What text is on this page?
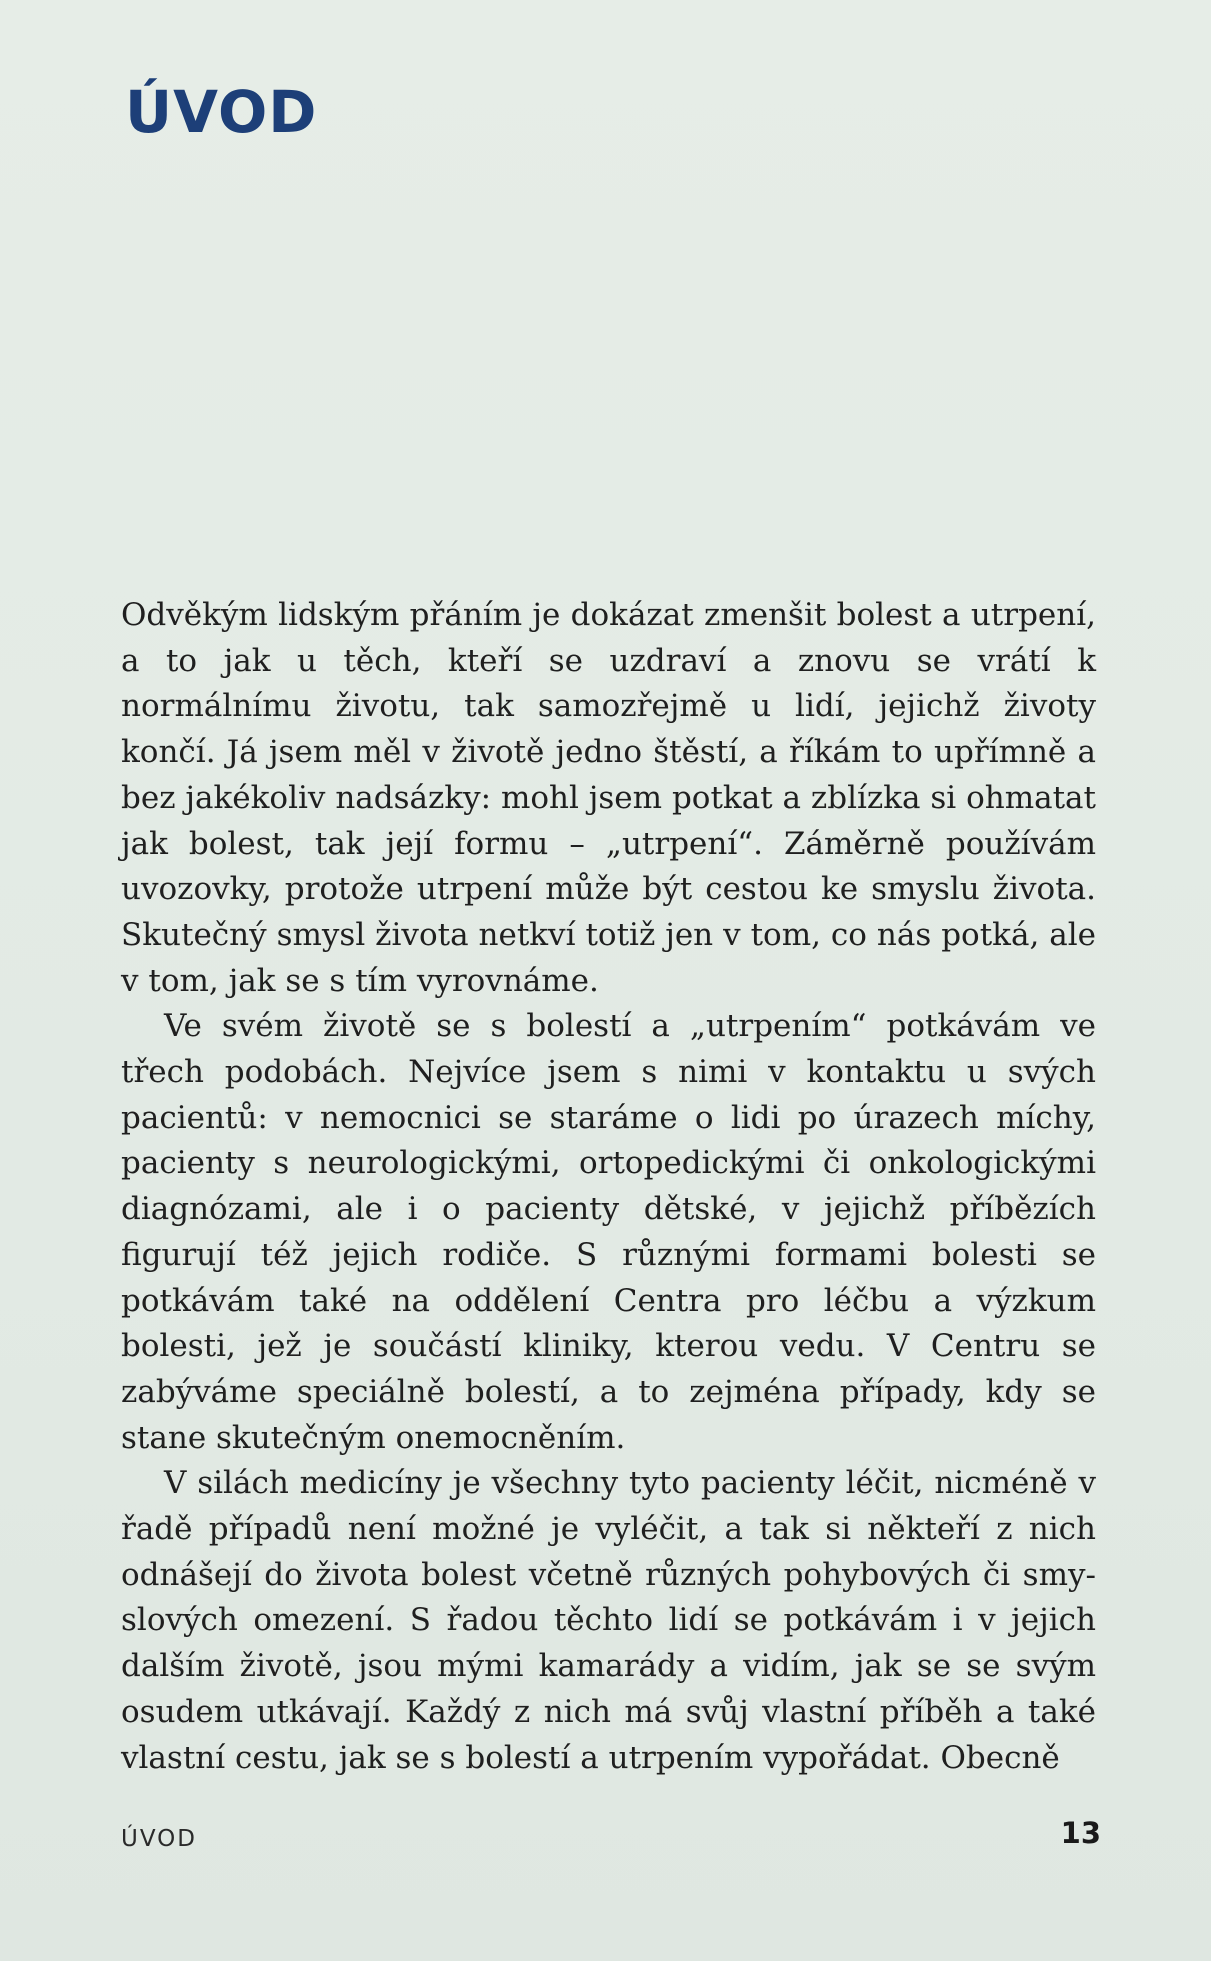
ÚVOD

Odvěkým lidským přáním je dokázat zmenšit bolest a utrpení, a to jak u těch, kteří se uzdraví a znovu se vrátí k normálnímu životu, tak samozřejmě u lidí, jejichž životy končí. Já jsem měl v životě jedno štěstí, a říkám to upřímně a bez jakékoliv nadsázky: mohl jsem potkat a zblízka si ohmatat jak bolest, tak její formu – „utrpení“. Záměrně používám uvozovky, protože utrpení může být cestou ke smyslu života. Skutečný smysl života netkví totiž jen v tom, co nás potká, ale v tom, jak se s tím vyrovnáme.

Ve svém životě se s bolestí a „utrpením“ potkávám ve třech podobách. Nejvíce jsem s nimi v kontaktu u svých pacientů: v nemocnici se staráme o lidi po úrazech míchy, pacienty s neurologickými, ortopedickými či onkologickými diagnózami, ale i o pacienty dětské, v jejichž příbězích figurují též jejich rodiče. S různými formami bolesti se potkávám také na oddělení Centra pro léčbu a výzkum bolesti, jež je součástí kliniky, kterou vedu. V Centru se zabýváme speciálně bolestí, a to zejména případy, kdy se stane skutečným onemocněním.

V silách medicíny je všechny tyto pacienty léčit, nicméně v řadě případů není možné je vyléčit, a tak si někteří z nich odnášejí do života bolest včetně různých pohybových či smyslových omezení. S řadou těchto lidí se potkávám i v jejich dalším životě, jsou mými kamarády a vidím, jak se se svým osudem utkávají. Každý z nich má svůj vlastní příběh a také vlastní cestu, jak se s bolestí a utrpením vypořádat. Obecně

ÚVOD	13
